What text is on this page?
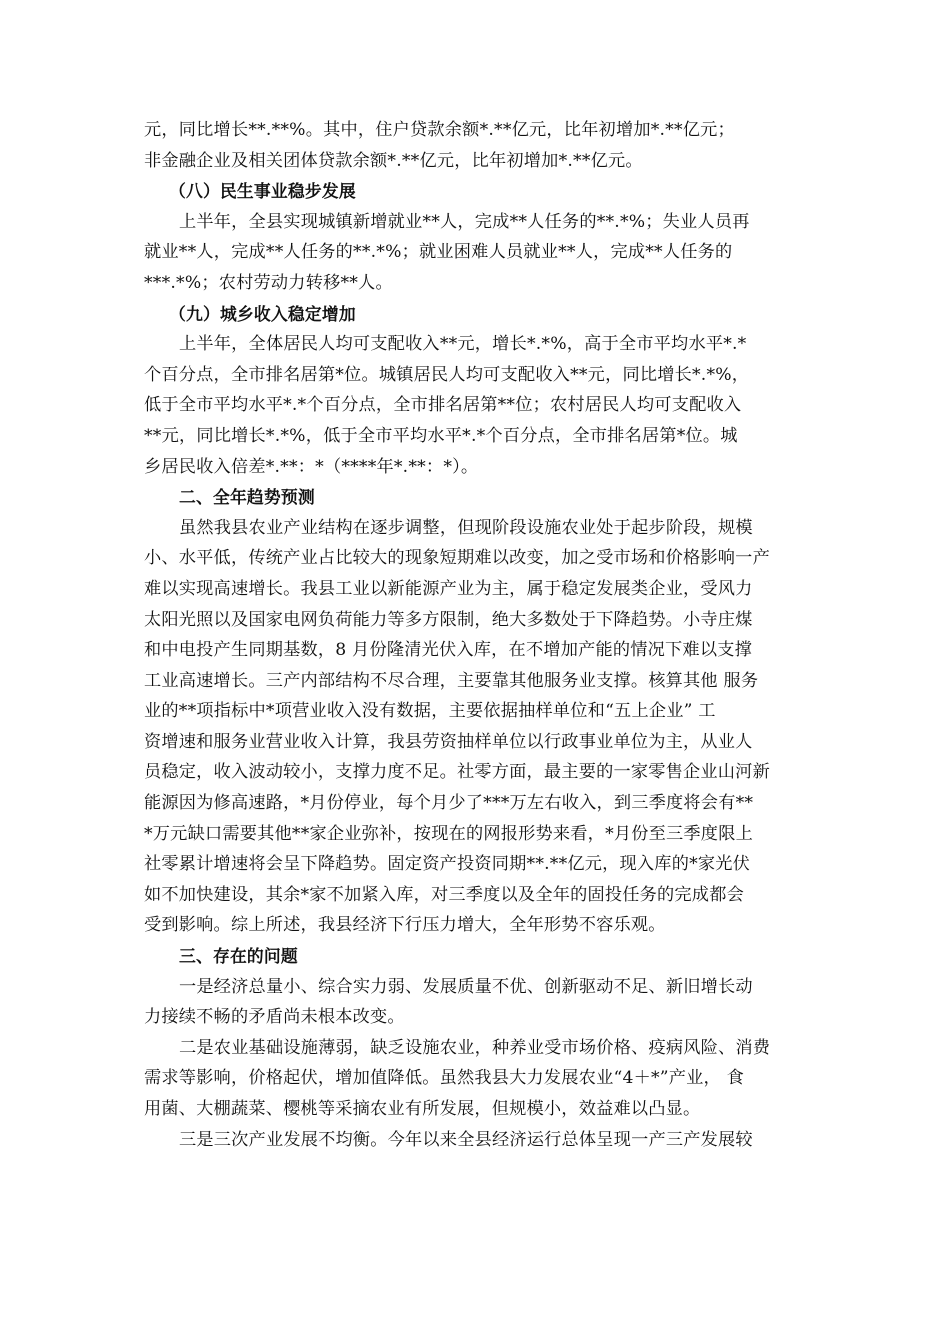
元，同比增长**.**%。其中，住户贷款余额*.**亿元，比年初增加*.**亿元；
非金融企业及相关团体贷款余额*.**亿元，比年初增加*.**亿元。
（八）民生事业稳步发展
上半年，全县实现城镇新增就业**人，完成**人任务的**.*%；失业人员再
就业**人，完成**人任务的**.*%；就业困难人员就业**人，完成**人任务的
***.*%；农村劳动力转移**人。
（九）城乡收入稳定增加
上半年，全体居民人均可支配收入**元，增长*.*%，高于全市平均水平*.*
个百分点，全市排名居第*位。城镇居民人均可支配收入**元，同比增长*.*%，
低于全市平均水平*.*个百分点，全市排名居第**位；农村居民人均可支配收入
**元，同比增长*.*%，低于全市平均水平*.*个百分点，全市排名居第*位。城
乡居民收入倍差*.**：*（****年*.**：*）。
二、全年趋势预测
虽然我县农业产业结构在逐步调整，但现阶段设施农业处于起步阶段，规模
小、水平低，传统产业占比较大的现象短期难以改变，加之受市场和价格影响一产
难以实现高速增长。我县工业以新能源产业为主，属于稳定发展类企业，受风力
太阳光照以及国家电网负荷能力等多方限制，绝大多数处于下降趋势。小寺庄煤
和中电投产生同期基数，8 月份隆清光伏入库，在不增加产能的情况下难以支撑
工业高速增长。三产内部结构不尽合理，主要靠其他服务业支撑。核算其他 服务
业的**项指标中*项营业收入没有数据，主要依据抽样单位和“五上企业” 工
资增速和服务业营业收入计算，我县劳资抽样单位以行政事业单位为主，从业人
员稳定，收入波动较小，支撑力度不足。社零方面，最主要的一家零售企业山河新
能源因为修高速路，*月份停业，每个月少了***万左右收入，到三季度将会有**
*万元缺口需要其他**家企业弥补，按现在的网报形势来看，*月份至三季度限上
社零累计增速将会呈下降趋势。固定资产投资同期**.**亿元，现入库的*家光伏
如不加快建设，其余*家不加紧入库，对三季度以及全年的固投任务的完成都会
受到影响。综上所述，我县经济下行压力增大，全年形势不容乐观。
三、存在的问题
一是经济总量小、综合实力弱、发展质量不优、创新驱动不足、新旧增长动
力接续不畅的矛盾尚未根本改变。
二是农业基础设施薄弱，缺乏设施农业，种养业受市场价格、疫病风险、消费
需求等影响，价格起伏，增加值降低。虽然我县大力发展农业“4＋*”产业， 食
用菌、大棚蔬菜、樱桃等采摘农业有所发展，但规模小，效益难以凸显。
三是三次产业发展不均衡。今年以来全县经济运行总体呈现一产三产发展较
